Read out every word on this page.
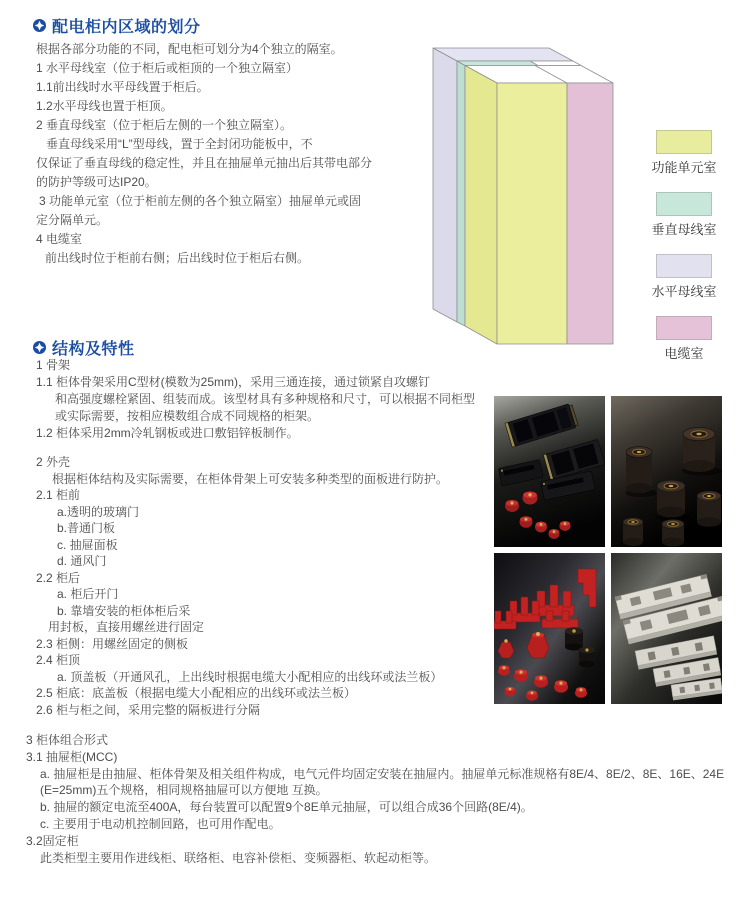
配电柜内区域的划分
根据各部分功能的不同，配电柜可划分为4个独立的隔室。
1 水平母线室（位于柜后或柜顶的一个独立隔室）
1.1前出线时水平母线置于柜后。
1.2水平母线也置于柜顶。
2 垂直母线室（位于柜后左侧的一个独立隔室）。
垂直母线采用“L”型母线，置于全封闭功能板中，不
仅保证了垂直母线的稳定性，并且在抽屉单元抽出后其带电部分
的防护等级可达IP20。
3 功能单元室（位于柜前左侧的各个独立隔室）抽屉单元或固
定分隔单元。
4 电缆室
前出线时位于柜前右侧；后出线时位于柜后右侧。
功能单元室
垂直母线室
水平母线室
电缆室
结构及特性
1 骨架
1.1 柜体骨架采用C型材(模数为25mm)，采用三通连接，通过锁紧自攻螺钉
和高强度螺栓紧固、组装而成。该型材具有多种规格和尺寸，可以根据不同柜型
或实际需要，按相应模数组合成不同规格的柜架。
1.2 柜体采用2mm冷轧钢板或进口敷铝锌板制作。
2 外壳
根据柜体结构及实际需要，在柜体骨架上可安装多种类型的面板进行防护。
2.1 柜前
a.透明的玻璃门
b.普通门板
c. 抽屉面板
d. 通风门
2.2 柜后
a. 柜后开门
b. 靠墙安装的柜体柜后采
用封板，直接用螺丝进行固定
2.3 柜侧：用螺丝固定的侧板
2.4 柜顶
a. 顶盖板（开通风孔，上出线时根据电缆大小配相应的出线环或法兰板）
2.5 柜底：底盖板（根据电缆大小配相应的出线环或法兰板）
2.6 柜与柜之间，采用完整的隔板进行分隔
3 柜体组合形式
3.1 抽屉柜(MCC)
a. 抽屉柜是由抽屉、柜体骨架及相关组件构成，电气元件均固定安装在抽屉内。抽屉单元标准规格有8E/4、8E/2、8E、16E、24E
(E=25mm)五个规格，相同规格抽屉可以方便地 互换。
b. 抽屉的额定电流至400A，每台装置可以配置9个8E单元抽屉，可以组合成36个回路(8E/4)。
c. 主要用于电动机控制回路，也可用作配电。
3.2固定柜
此类柜型主要用作进线柜、联络柜、电容补偿柜、变频器柜、软起动柜等。
